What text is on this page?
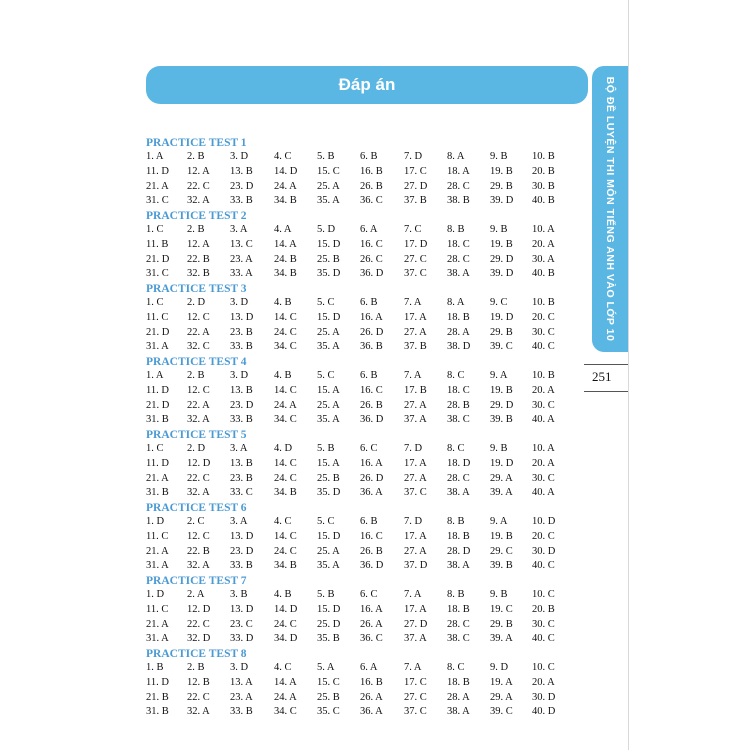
Đáp án	BỘ ĐỀ LUYỆN THI MÔN TIẾNG ANH VÀO LỚP 10
251
PRACTICE TEST 1
1. A 2. B 3. D 4. C 5. B 6. B	7. D 8. A 9. B 10. B
11. D 12. A 13. B 14. D 15. C 16. B 17. C 18. A 19. B 20. B
21. A 22. C 23. D 24. A 25. A 26. B 27. D 28. C 29. B 30. B
31. C 32. A 33. B 34. B 35. A 36. C 37. B 38. B 39. D 40. B
PRACTICE TEST 2
1. C 2. B 3. A	4. A 5. D 6. A	7. C 8. B 9. B 10. A
11. B 12. A 13. C 14. A 15. D 16. C 17. D 18. C 19. B 20. A
21. D 22. B 23. A 24. B 25. B 26. C 27. C 28. C 29. D 30. A
31. C 32. B 33. A 34. B 35. D 36. D 37. C 38. A 39. D 40. B
PRACTICE TEST 3
1. C 2. D 3. D 4. B 5. C 6. B	7. A 8. A 9. C 10. B
11. C 12. C 13. D 14. C 15. D 16. A 17. A 18. B 19. D 20. C
21. D 22. A 23. B 24. C 25. A 26. D 27. A 28. A 29. B 30. C
31. A 32. C 33. B 34. C 35. A 36. B 37. B 38. D 39. C 40. C
PRACTICE TEST 4
1. A 2. B 3. D 4. B 5. C 6. B	7. A 8. C 9. A 10. B
11. D 12. C 13. B 14. C 15. A 16. C 17. B 18. C 19. B 20. A
21. D 22. A 23. D 24. A 25. A 26. B 27. A 28. B 29. D 30. C
31. B 32. A 33. B 34. C 35. A 36. D 37. A 38. C 39. B 40. A
PRACTICE TEST 5
1. C 2. D 3. A	4. D 5. B 6. C	7. D 8. C 9. B 10. A
11. D 12. D 13. B 14. C 15. A 16. A 17. A 18. D 19. D 20. A
21. A 22. C 23. B 24. C 25. B 26. D 27. A 28. C 29. A 30. C
31. B 32. A 33. C 34. B 35. D 36. A 37. C 38. A 39. A 40. A
PRACTICE TEST 6
1. D 2. C 3. A	4. C 5. C 6. B	7. D 8. B 9. A 10. D
11. C 12. C 13. D 14. C 15. D 16. C 17. A 18. B 19. B 20. C
21. A 22. B 23. D 24. C 25. A 26. B 27. A 28. D 29. C 30. D
31. A 32. A 33. B 34. B 35. A 36. D 37. D 38. A 39. B 40. C
PRACTICE TEST 7
1. D 2. A 3. B	4. B 5. B 6. C	7. A 8. B 9. B 10. C
11. C 12. D 13. D 14. D 15. D 16. A 17. A 18. B 19. C 20. B
21. A 22. C 23. C 24. C 25. D 26. A 27. D 28. C 29. B 30. C
31. A 32. D 33. D 34. D 35. B 36. C 37. A 38. C 39. A 40. C
PRACTICE TEST 8
1. B 2. B 3. D 4. C 5. A 6. A	7. A 8. C 9. D 10. C
11. D 12. B 13. A 14. A 15. C 16. B 17. C 18. B 19. A 20. A
21. B 22. C 23. A 24. A 25. B 26. A 27. C 28. A 29. A 30. D
31. B 32. A 33. B 34. C 35. C 36. A 37. C 38. A 39. C 40. D
